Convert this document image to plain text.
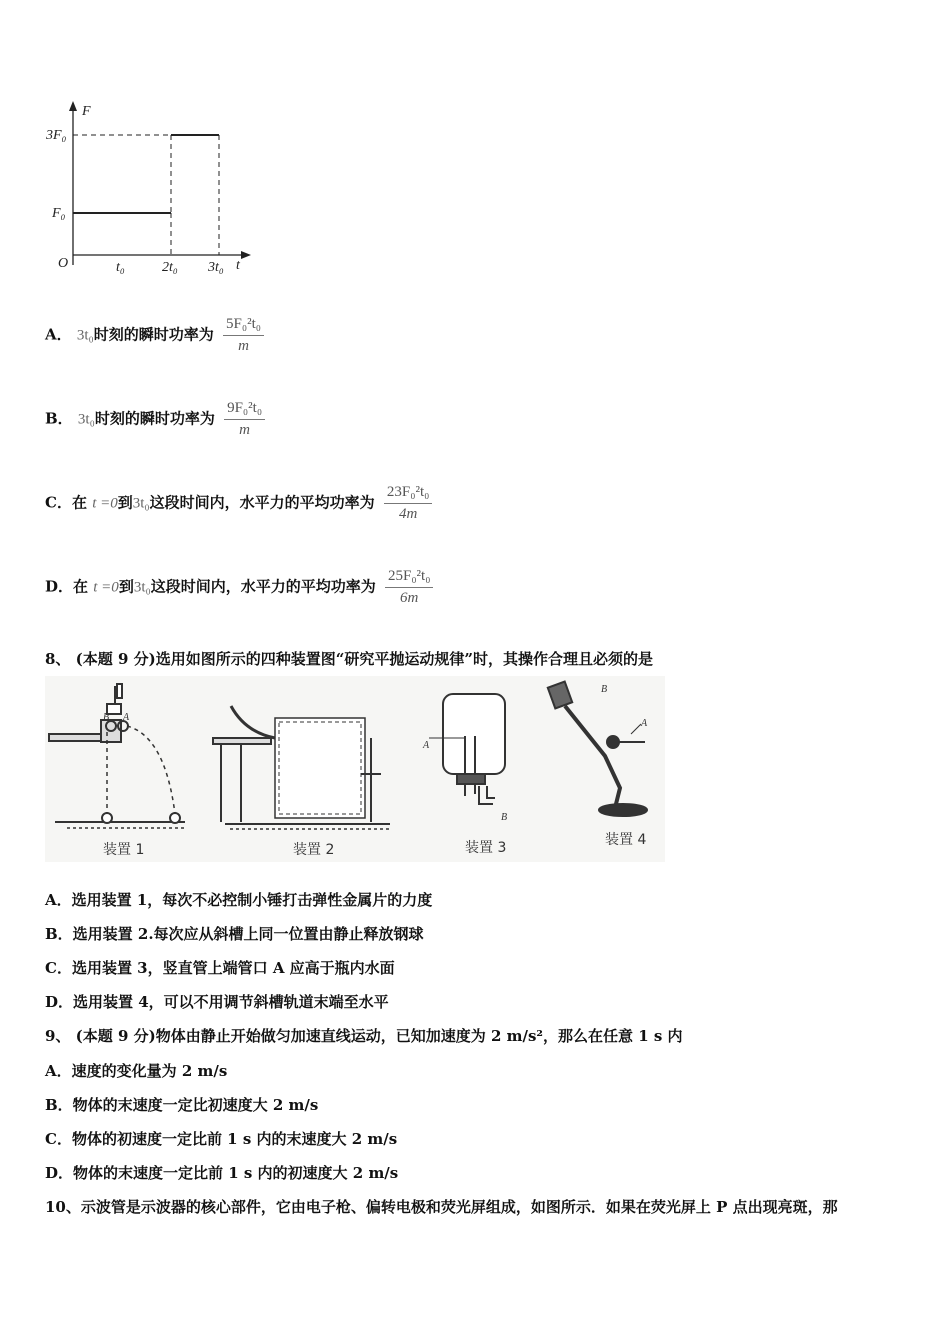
F
t
O
3F₀
F₀
t₀	2t₀ 3t₀
A． 3t₀时刻的瞬时功率为 $\frac{\text{5F₀²t₀}}{m}$
B． 3t₀时刻的瞬时功率为 $\frac{\text{9F₀²t₀}}{m}$
C．在 t =0到3t₀这段时间内，水平力的平均功率为 $\frac{\text{23F₀²t₀}}{4m}$
D．在 t =0到3t₀这段时间内，水平力的平均功率为 $\frac{\text{25F₀²t₀}}{6m}$
8、 (本题 9 分)选用如图所示的四种装置图“研究平抛运动规律”时，其操作合理且必须的是
B A
A
B
B
A
装置 1	装置 2	装置 3	装置 4
A．选用装置 1，每次不必控制小锤打击弹性金属片的力度
B．选用装置 2.每次应从斜槽上同一位置由静止释放钢球
C．选用装置 3，竖直管上端管口 A 应高于瓶内水面
D．选用装置 4，可以不用调节斜槽轨道末端至水平
9、 (本题 9 分)物体由静止开始做匀加速直线运动，已知加速度为 2 m/s²，那么在任意 1 s 内
A．速度的变化量为 2 m/s
B．物体的末速度一定比初速度大 2 m/s
C．物体的初速度一定比前 1 s 内的末速度大 2 m/s
D．物体的末速度一定比前 1 s 内的初速度大 2 m/s
10、示波管是示波器的核心部件，它由电子枪、偏转电极和荧光屏组成，如图所示．如果在荧光屏上 P 点出现亮斑，那
